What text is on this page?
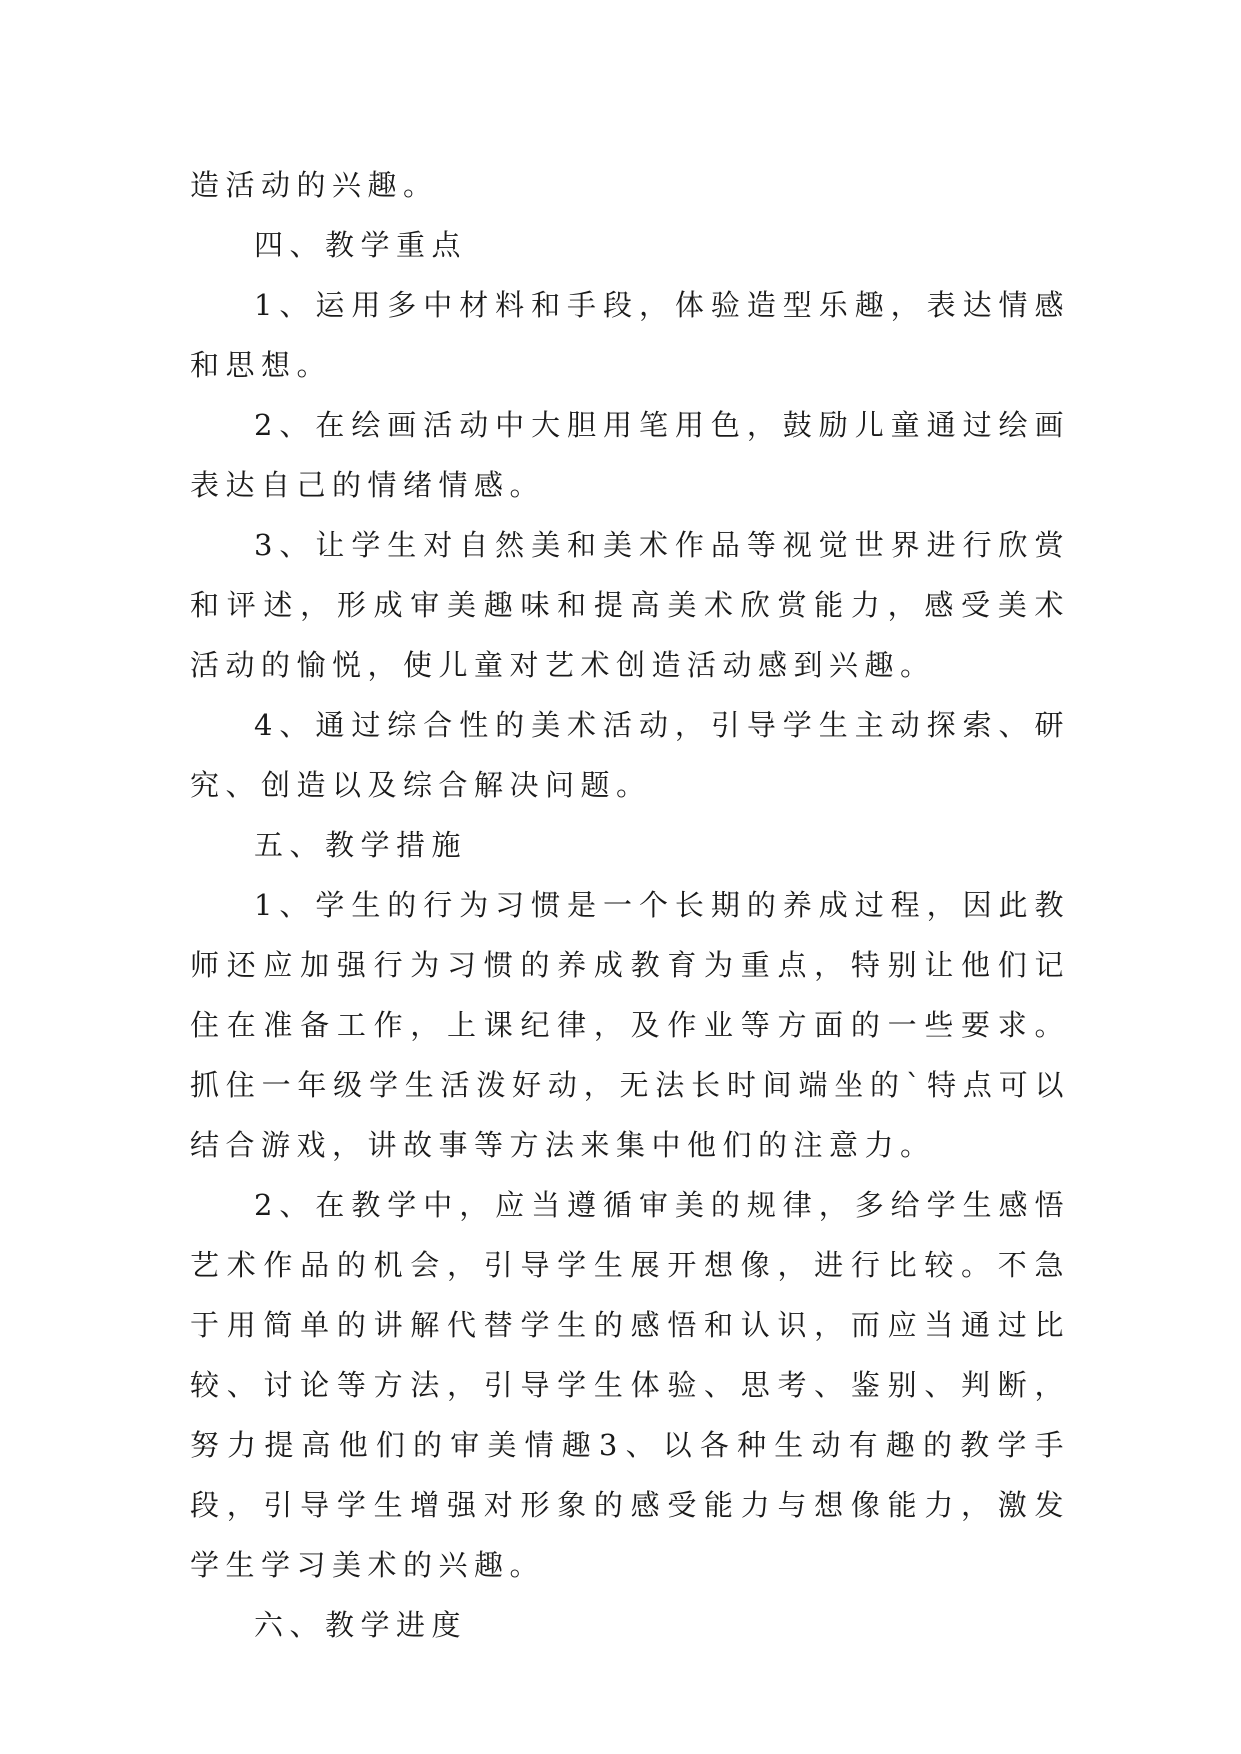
造活动的兴趣。

四、教学重点

1、运用多中材料和手段，体验造型乐趣，表达情感和思想。

2、在绘画活动中大胆用笔用色，鼓励儿童通过绘画表达自己的情绪情感。

3、让学生对自然美和美术作品等视觉世界进行欣赏和评述，形成审美趣味和提高美术欣赏能力，感受美术活动的愉悦，使儿童对艺术创造活动感到兴趣。

4、通过综合性的美术活动，引导学生主动探索、研究、创造以及综合解决问题。

五、教学措施

1、学生的行为习惯是一个长期的养成过程，因此教师还应加强行为习惯的养成教育为重点，特别让他们记住在准备工作，上课纪律，及作业等方面的一些要求。抓住一年级学生活泼好动，无法长时间端坐的`特点可以结合游戏，讲故事等方法来集中他们的注意力。

2、在教学中，应当遵循审美的规律，多给学生感悟艺术作品的机会，引导学生展开想像，进行比较。不急于用简单的讲解代替学生的感悟和认识，而应当通过比较、讨论等方法，引导学生体验、思考、鉴别、判断，努力提高他们的审美情趣3、以各种生动有趣的教学手段，引导学生增强对形象的感受能力与想像能力，激发学生学习美术的兴趣。

六、教学进度
